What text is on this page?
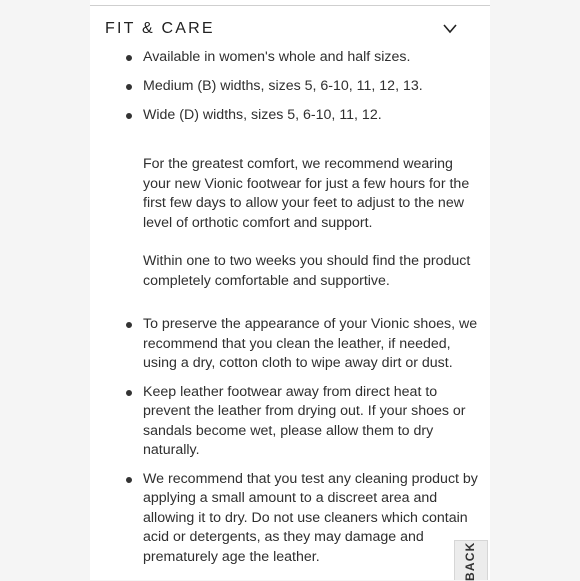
FIT & CARE
Available in women's whole and half sizes.
Medium (B) widths, sizes 5, 6-10, 11, 12, 13.
Wide (D) widths, sizes 5, 6-10, 11, 12.

For the greatest comfort, we recommend wearing your new Vionic footwear for just a few hours for the first few days to allow your feet to adjust to the new level of orthotic comfort and support.

Within one to two weeks you should find the product completely comfortable and supportive.

To preserve the appearance of your Vionic shoes, we recommend that you clean the leather, if needed, using a dry, cotton cloth to wipe away dirt or dust.
Keep leather footwear away from direct heat to prevent the leather from drying out. If your shoes or sandals become wet, please allow them to dry naturally.
We recommend that you test any cleaning product by applying a small amount to a discreet area and allowing it to dry. Do not use cleaners which contain acid or detergents, as they may damage and prematurely age the leather.	BACK
